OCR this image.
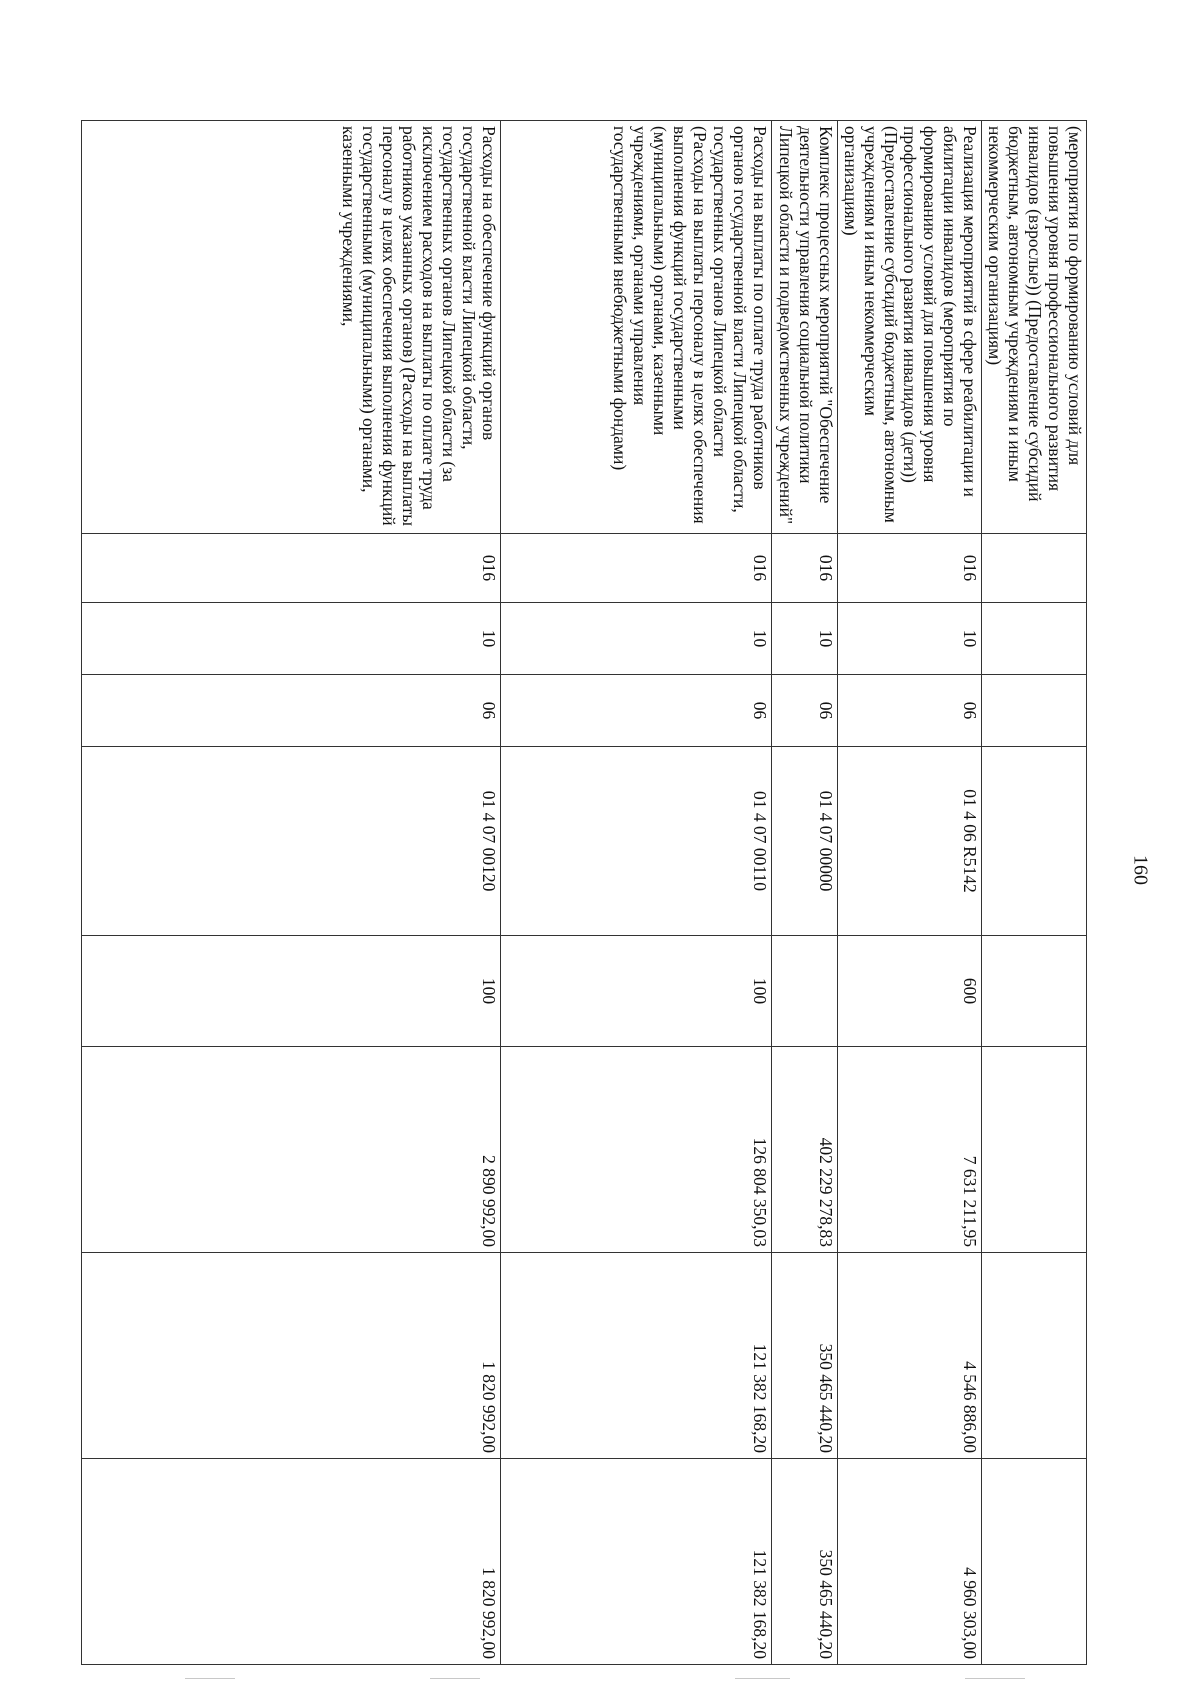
160
(мероприятия по формированию условий для повышения уровня профессионального развития инвалидов (взрослые)) (Предоставление субсидий бюджетным, автономным учреждениям и иным некоммерческим организациям)								
Реализация мероприятий в сфере реабилитации и абилитации инвалидов (мероприятия по формированию условий для повышения уровня профессионального развития инвалидов (дети)) (Предоставление субсидий бюджетным, автономным учреждениям и иным некоммерческим организациям)	016	10	06	01 4 06 R5142	600	7 631 211,95	4 546 886,00	4 960 303,00
Комплекс процессных мероприятий "Обеспечение деятельности управления социальной политики Липецкой области и подведомственных учреждений"	016	10	06	01 4 07 00000		402 229 278,83	350 465 440,20	350 465 440,20
Расходы на выплаты по оплате труда работников органов государственной власти Липецкой области, государственных органов Липецкой области (Расходы на выплаты персоналу в целях обеспечения выполнения функций государственными (муниципальными) органами, казенными учреждениями, органами управления государственными внебюджетными фондами)	016	10	06	01 4 07 00110	100	126 804 350,03	121 382 168,20	121 382 168,20
Расходы на обеспечение функций органов государственной власти Липецкой области, государственных органов Липецкой области (за исключением расходов на выплаты по оплате труда работников указанных органов) (Расходы на выплаты персоналу в целях обеспечения выполнения функций государственными (муниципальными) органами, казенными учреждениями,	016	10	06	01 4 07 00120	100	2 890 992,00	1 820 992,00	1 820 992,00
